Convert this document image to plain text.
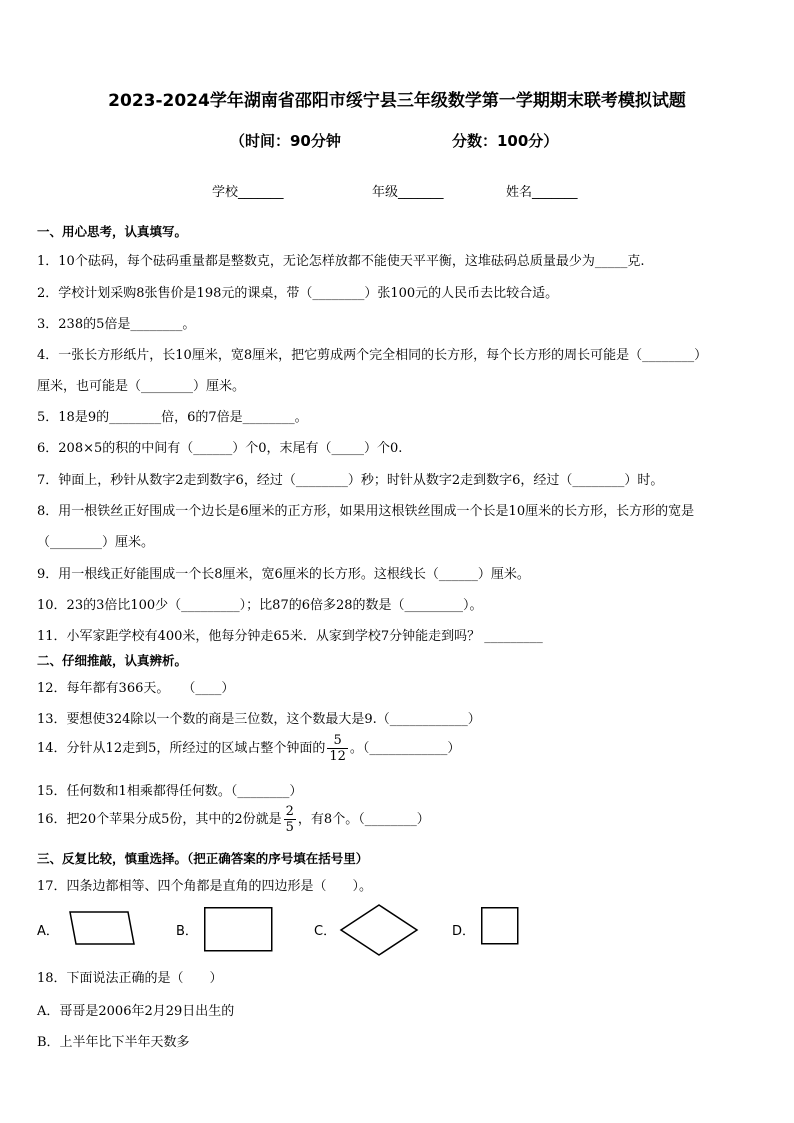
2023-2024学年湖南省邵阳市绥宁县三年级数学第一学期期末联考模拟试题
（时间：90分钟	分数：100分）
学校_______	年级_______	姓名_______
一、用心思考，认真填写。
1．10个砝码，每个砝码重量都是整数克，无论怎样放都不能使天平平衡，这堆砝码总质量最少为_____克.
2．学校计划采购8张售价是198元的课桌，带（________）张100元的人民币去比较合适。
3．238的5倍是________。
4．一张长方形纸片，长10厘米，宽8厘米，把它剪成两个完全相同的长方形，每个长方形的周长可能是（________）
厘米，也可能是（________）厘米。
5．18是9的________倍，6的7倍是________。
6．208×5的积的中间有（______）个0，末尾有（_____）个0.
7．钟面上，秒针从数字2走到数字6，经过（________）秒；时针从数字2走到数字6，经过（________）时。
8．用一根铁丝正好围成一个边长是6厘米的正方形，如果用这根铁丝围成一个长是10厘米的长方形，长方形的宽是
（________）厘米。
9．用一根线正好能围成一个长8厘米，宽6厘米的长方形。这根线长（______）厘米。
10．23的3倍比100少（_________）；比87的6倍多28的数是（_________）。
11．小军家距学校有400米，他每分钟走65米．从家到学校7分钟能走到吗？ _________
二、仔细推敲，认真辨析。
12．每年都有366天。　　（____）
13．要想使324除以一个数的商是三位数，这个数最大是9.（____________）
14．分针从12走到5，所经过的区域占整个钟面的 $\frac{5}{12}$ 。（____________）
15．任何数和1相乘都得任何数。（________）
16．把20个苹果分成5份，其中的2份就是 $\frac{2}{5}$ ，有8个。（________）
三、反复比较，慎重选择。（把正确答案的序号填在括号里）
17．四条边都相等、四个角都是直角的四边形是（　　）。
A．	B．	C．	D．
18．下面说法正确的是（　　）
A．哥哥是2006年2月29日出生的
B．上半年比下半年天数多
